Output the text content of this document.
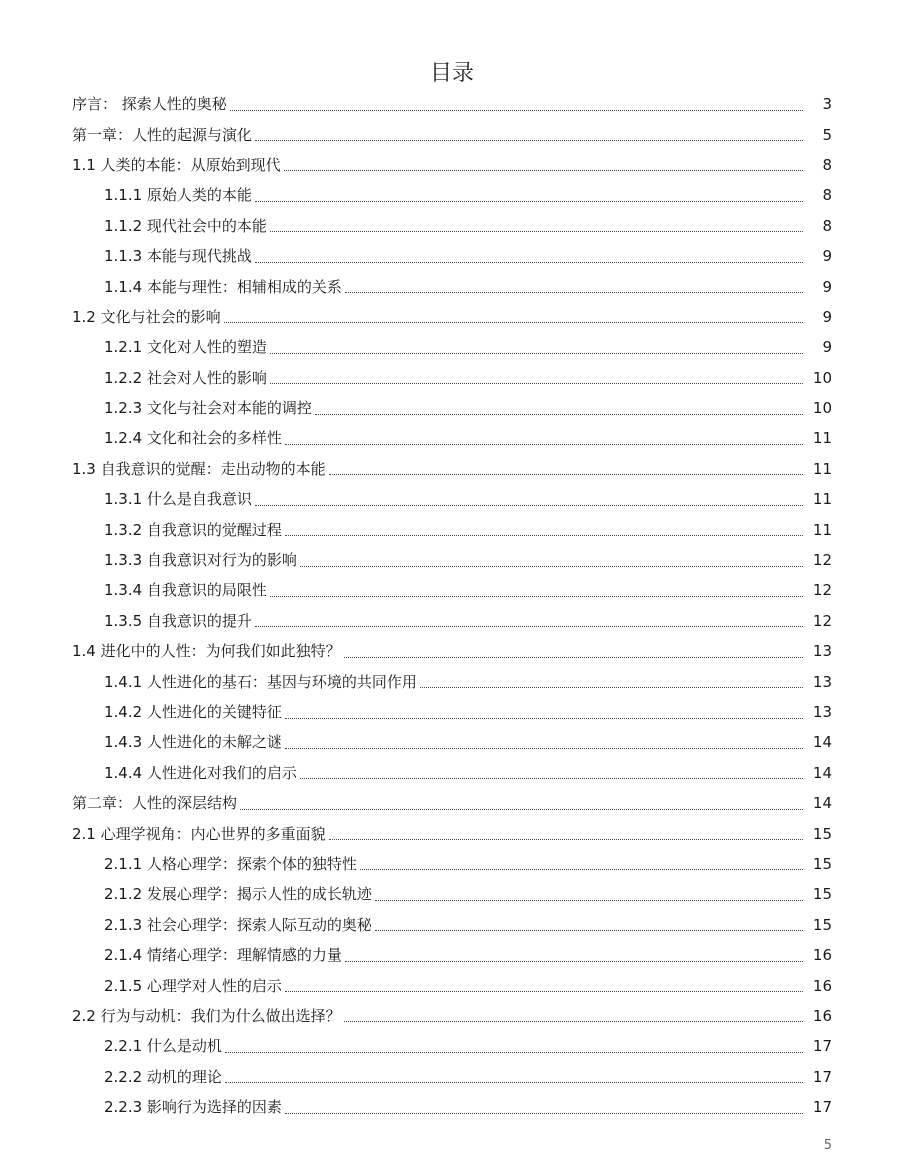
目录
序言： 探索人性的奥秘	3
第一章：人性的起源与演化	5
1.1 人类的本能：从原始到现代	8
1.1.1 原始人类的本能	8
1.1.2 现代社会中的本能	8
1.1.3 本能与现代挑战	9
1.1.4 本能与理性：相辅相成的关系	9
1.2 文化与社会的影响	9
1.2.1 文化对人性的塑造	9
1.2.2 社会对人性的影响	10
1.2.3 文化与社会对本能的调控	10
1.2.4 文化和社会的多样性	11
1.3 自我意识的觉醒：走出动物的本能	11
1.3.1 什么是自我意识	11
1.3.2 自我意识的觉醒过程	11
1.3.3 自我意识对行为的影响	12
1.3.4 自我意识的局限性	12
1.3.5 自我意识的提升	12
1.4 进化中的人性：为何我们如此独特？	13
1.4.1 人性进化的基石：基因与环境的共同作用	13
1.4.2 人性进化的关键特征	13
1.4.3 人性进化的未解之谜	14
1.4.4 人性进化对我们的启示	14
第二章：人性的深层结构	14
2.1 心理学视角：内心世界的多重面貌	15
2.1.1 人格心理学：探索个体的独特性	15
2.1.2 发展心理学：揭示人性的成长轨迹	15
2.1.3 社会心理学：探索人际互动的奥秘	15
2.1.4 情绪心理学：理解情感的力量	16
2.1.5 心理学对人性的启示	16
2.2 行为与动机：我们为什么做出选择？	16
2.2.1 什么是动机	17
2.2.2 动机的理论	17
2.2.3 影响行为选择的因素	17
5
